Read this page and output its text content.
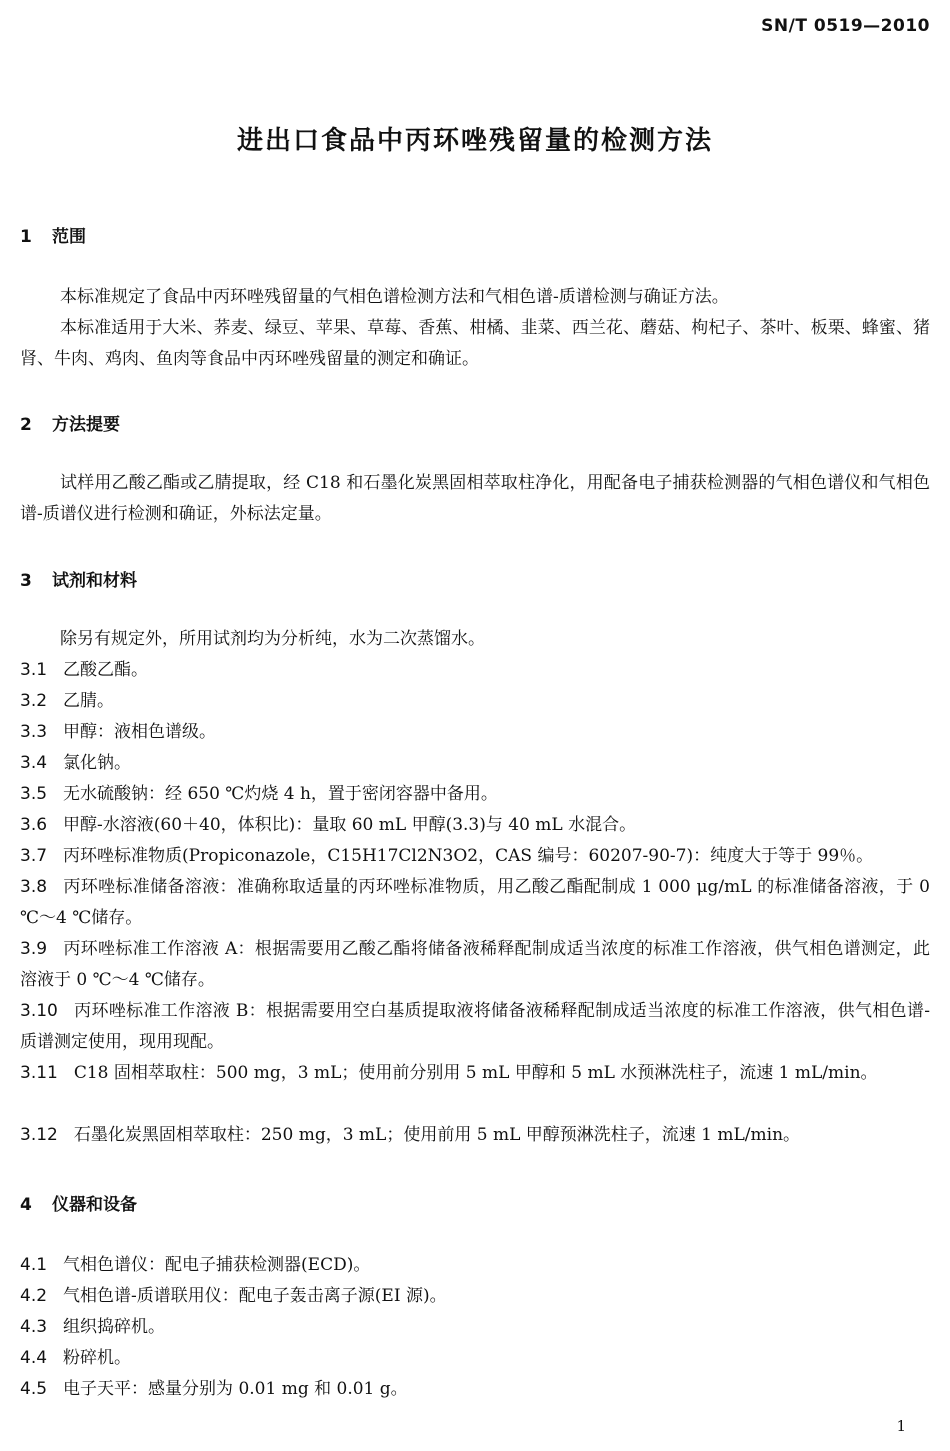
SN/T 0519—2010
进出口食品中丙环唑残留量的检测方法
1 范围
本标准规定了食品中丙环唑残留量的气相色谱检测方法和气相色谱-质谱检测与确证方法。
本标准适用于大米、荞麦、绿豆、苹果、草莓、香蕉、柑橘、韭菜、西兰花、蘑菇、枸杞子、茶叶、板栗、蜂蜜、猪肾、牛肉、鸡肉、鱼肉等食品中丙环唑残留量的测定和确证。
2 方法提要
试样用乙酸乙酯或乙腈提取，经 C18 和石墨化炭黑固相萃取柱净化，用配备电子捕获检测器的气相色谱仪和气相色谱-质谱仪进行检测和确证，外标法定量。
3 试剂和材料
除另有规定外，所用试剂均为分析纯，水为二次蒸馏水。
3.1 乙酸乙酯。
3.2 乙腈。
3.3 甲醇：液相色谱级。
3.4 氯化钠。
3.5 无水硫酸钠：经 650 ℃灼烧 4 h，置于密闭容器中备用。
3.6 甲醇-水溶液(60＋40，体积比)：量取 60 mL 甲醇(3.3)与 40 mL 水混合。
3.7 丙环唑标准物质(Propiconazole，C15H17Cl2N3O2，CAS 编号：60207-90-7)：纯度大于等于 99％。
3.8 丙环唑标准储备溶液：准确称取适量的丙环唑标准物质，用乙酸乙酯配制成 1 000 μg/mL 的标准储备溶液，于 0 ℃～4 ℃储存。
3.9 丙环唑标准工作溶液 A：根据需要用乙酸乙酯将储备液稀释配制成适当浓度的标准工作溶液，供气相色谱测定，此溶液于 0 ℃～4 ℃储存。
3.10 丙环唑标准工作溶液 B：根据需要用空白基质提取液将储备液稀释配制成适当浓度的标准工作溶液，供气相色谱-质谱测定使用，现用现配。
3.11 C18 固相萃取柱：500 mg，3 mL；使用前分别用 5 mL 甲醇和 5 mL 水预淋洗柱子，流速 1 mL/min。
3.12 石墨化炭黑固相萃取柱：250 mg，3 mL；使用前用 5 mL 甲醇预淋洗柱子，流速 1 mL/min。
4 仪器和设备
4.1 气相色谱仪：配电子捕获检测器(ECD)。
4.2 气相色谱-质谱联用仪：配电子轰击离子源(EI 源)。
4.3 组织捣碎机。
4.4 粉碎机。
4.5 电子天平：感量分别为 0.01 mg 和 0.01 g。
1
